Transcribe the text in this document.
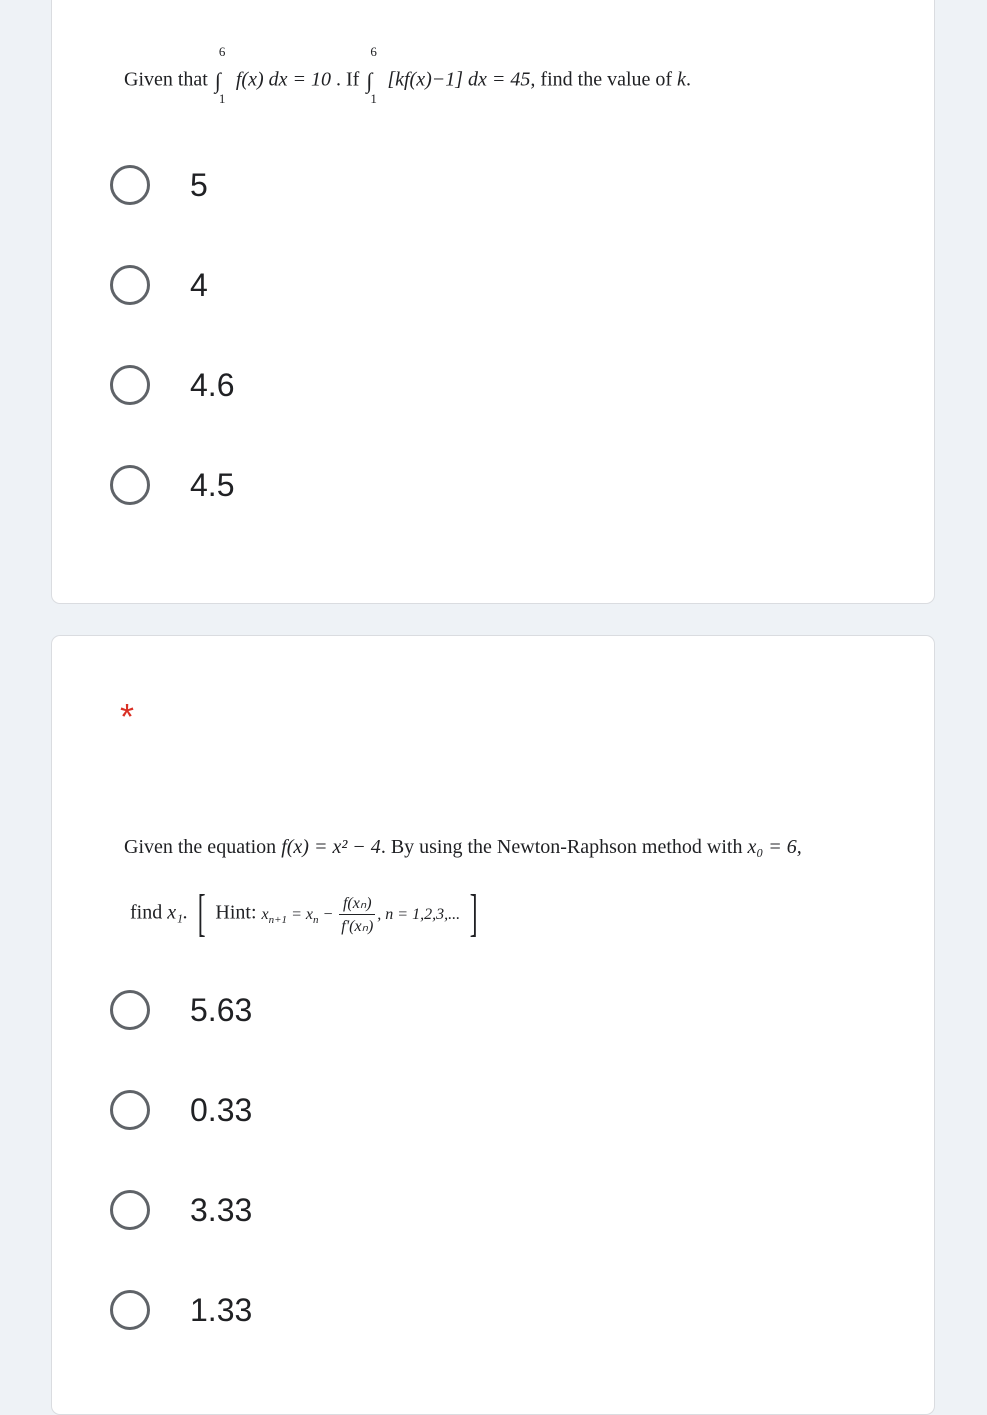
Given that ∫
6
1
f(x) dx = 10 . If ∫
6
1
[kf(x)−1] dx = 45, find the value of k.
5
4
4.6
4.5
*
Given the equation f(x) = x² − 4. By using the Newton-Raphson method with x₀ = 6,
find x₁. [ Hint: $x_{n+1} = x_n - \frac{\text{f(xₙ)}}{\text{f'(xₙ)}}$ , n = 1,2,3,... ]
5.63
0.33
3.33
1.33
